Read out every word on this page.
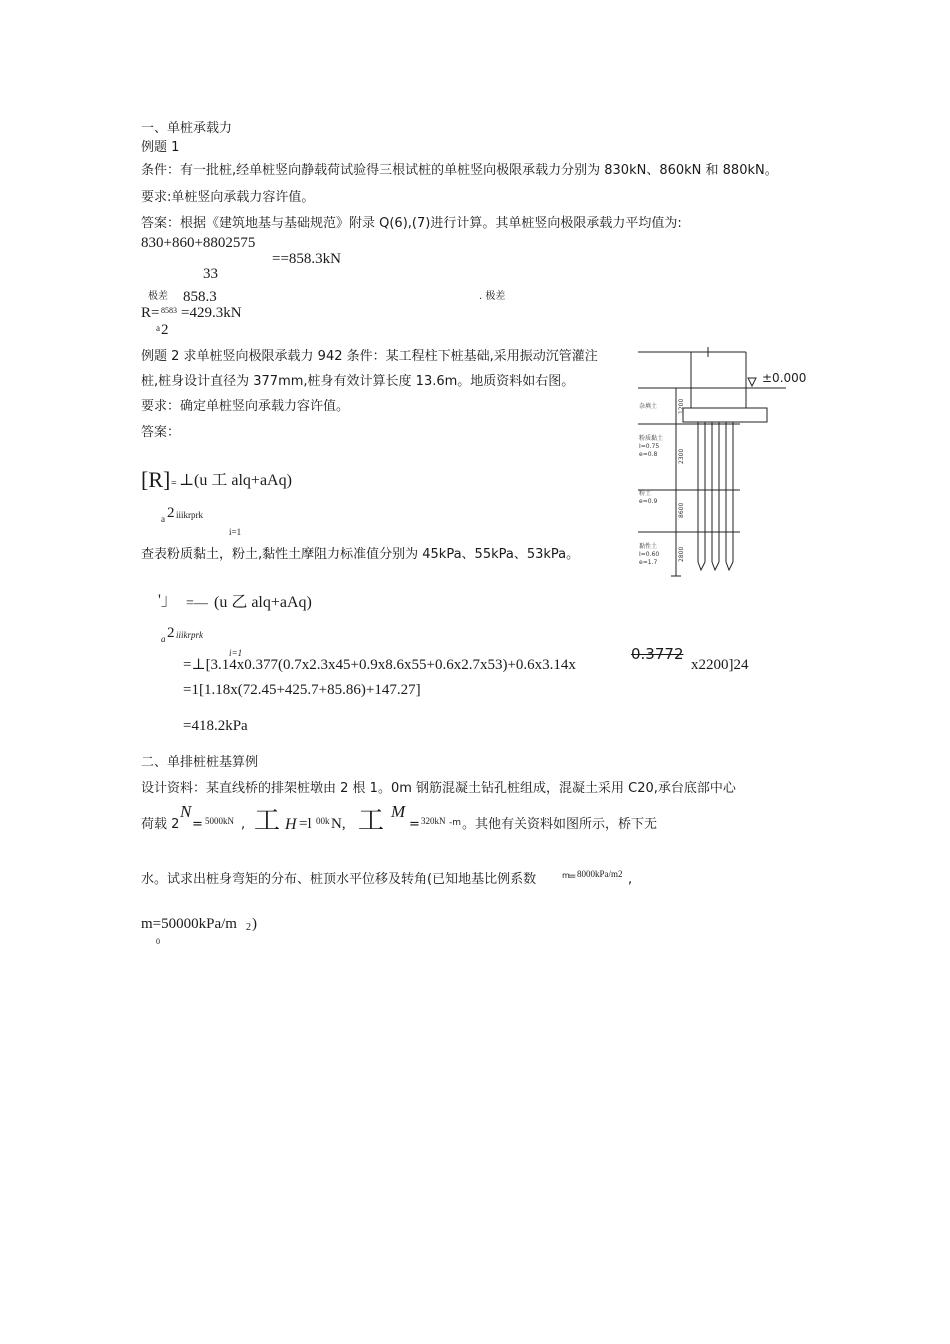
一、单桩承载力
例题 1
条件：有一批桩,经单桩竖向静载荷试验得三根试桩的单桩竖向极限承载力分别为 830kN、860kN 和 880kN。
要求:单桩竖向承载力容许值。
答案：根据《建筑地基与基础规范》附录 Q(6),(7)进行计算。其单桩竖向极限承载力平均值为:
830+860+8802575
==858.3kN
33
极差 858.3	. 极差
R= 8583 =429.3kN
a 2
例题 2 求单桩竖向极限承载力 942 条件：某工程柱下桩基础,采用振动沉管灌注
桩,桩身设计直径为 377mm,桩身有效计算长度 13.6m。地质资料如右图。
要求：确定单桩竖向承载力容许值。
答案：
[R] = ⊥(u 工 alq+aAq)
a 2 iiikrprk
i=1
查表粉质黏土，粉土,黏性土摩阻力标准值分别为 45kPa、55kPa、53kPa。
'」 =— (u 乙 alq+aAq)
a 2 iiikrprk
i=1
=⊥[3.14x0.377(0.7x2.3x45+0.9x8.6x55+0.6x2.7x53)+0.6x3.14x
0.3772
x2200]24
=1[1.18x(72.45+425.7+85.86)+147.27]
=418.2kPa
±0.000
杂填土
粉质黏土
I=0.75
e=0.8
粉土
e=0.9
黏性土
I=0.60
e=1.7
1200
2300
8600
2800
二、单排桩桩基算例
设计资料：某直线桥的排架桩墩由 2 根 1。0m 钢筋混凝土钻孔桩组成，混凝土采用 C20,承台底部中心
荷载 2
N
= 5000kN , 工 H =l 00k N, 工 M
= 320kN -m 。其他有关资料如图所示，桥下无
水。试求出桩身弯矩的分布、桩顶水平位移及转角(已知地基比例系数	m
= 8000kPa/m2 ,
m=50000kPa/m 2 )
0
